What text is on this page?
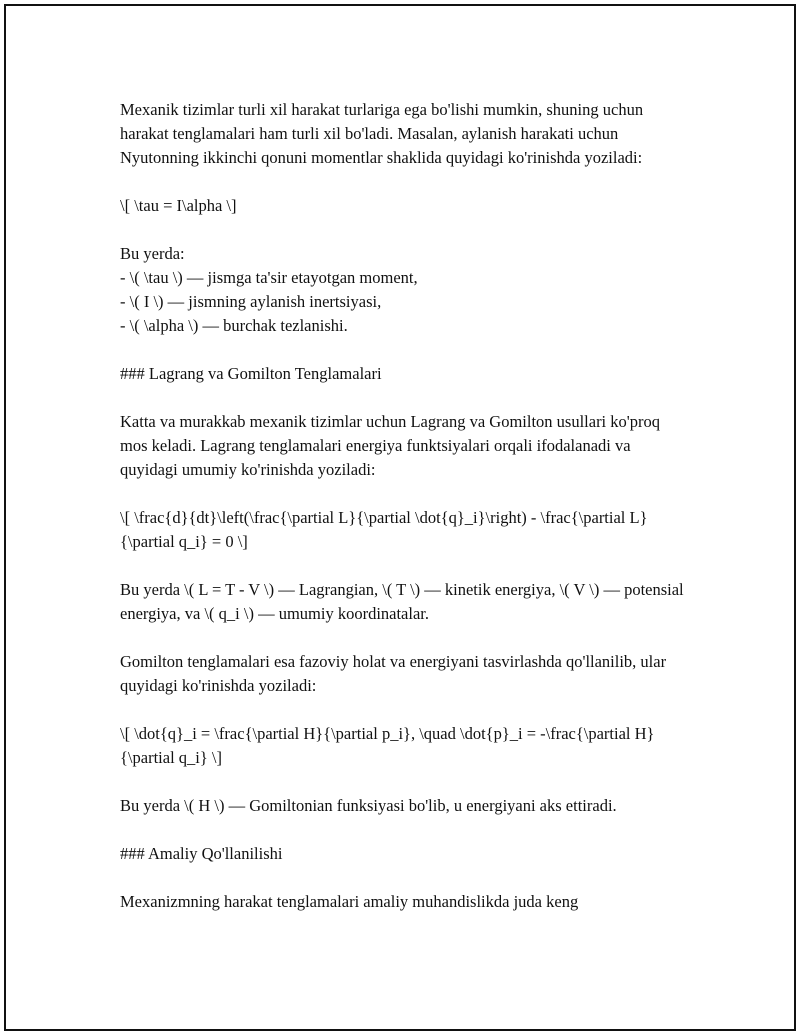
Mexanik tizimlar turli xil harakat turlariga ega bo'lishi mumkin, shuning uchun harakat tenglamalari ham turli xil bo'ladi. Masalan, aylanish harakati uchun Nyutonning ikkinchi qonuni momentlar shaklida quyidagi ko'rinishda yoziladi:

\[ \tau = I\alpha \]

Bu yerda:

- \( \tau \) — jismga ta'sir etayotgan moment,
- \( I \) — jismning aylanish inertsiyasi,
- \( \alpha \) — burchak tezlanishi.

### Lagrang va Gomilton Tenglamalari

Katta va murakkab mexanik tizimlar uchun Lagrang va Gomilton usullari ko'proq mos keladi. Lagrang tenglamalari energiya funktsiyalari orqali ifodalanadi va quyidagi umumiy ko'rinishda yoziladi:

\[ \frac{d}{dt}\left(\frac{\partial L}{\partial \dot{q}_i}\right) - \frac{\partial L}{\partial q_i} = 0 \]

Bu yerda \( L = T - V \) — Lagrangian, \( T \) — kinetik energiya, \( V \) — potensial energiya, va \( q_i \) — umumiy koordinatalar.

Gomilton tenglamalari esa fazoviy holat va energiyani tasvirlashda qo'llanilib, ular quyidagi ko'rinishda yoziladi:

\[ \dot{q}_i = \frac{\partial H}{\partial p_i}, \quad \dot{p}_i = -\frac{\partial H}{\partial q_i} \]

Bu yerda \( H \) — Gomiltonian funksiyasi bo'lib, u energiyani aks ettiradi.

### Amaliy Qo'llanilishi

Mexanizmning harakat tenglamalari amaliy muhandislikda juda keng
